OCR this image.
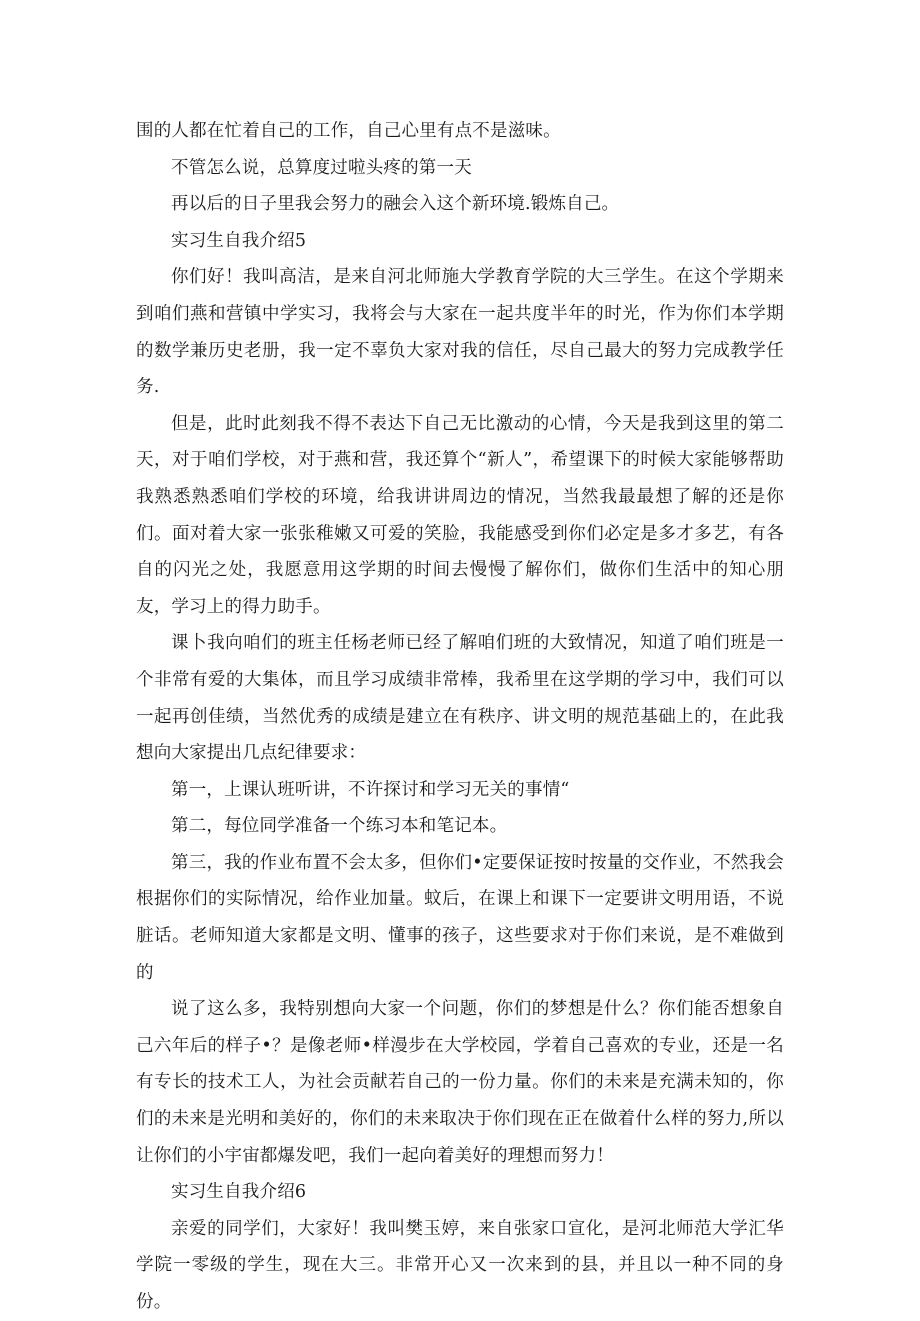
围的人都在忙着自己的工作，自己心里有点不是滋味。

不管怎么说，总算度过啦头疼的第一天

再以后的日子里我会努力的融会入这个新环境.锻炼自己。

实习生自我介绍5

你们好！我叫高洁，是来自河北师施大学教育学院的大三学生。在这个学期来到咱们燕和营镇中学实习，我将会与大家在一起共度半年的时光，作为你们本学期的数学兼历史老册，我一定不辜负大家对我的信任，尽自己最大的努力完成教学任务.

但是，此时此刻我不得不表达下自己无比激动的心情，今天是我到这里的第二天，对于咱们学校，对于燕和营，我还算个“新人”，希望课下的时候大家能够帮助我熟悉熟悉咱们学校的环境，给我讲讲周边的情况，当然我最最想了解的还是你们。面对着大家一张张稚嫩又可爱的笑脸，我能感受到你们必定是多才多艺，有各自的闪光之处，我愿意用这学期的时间去慢慢了解你们，做你们生活中的知心朋友，学习上的得力助手。

课卜我向咱们的班主任杨老师已经了解咱们班的大致情况，知道了咱们班是一个非常有爱的大集体，而且学习成绩非常棒，我希里在这学期的学习中，我们可以一起再创佳绩，当然优秀的成绩是建立在有秩序、讲文明的规范基础上的，在此我想向大家提出几点纪律要求：

第一，上课认班听讲，不许探讨和学习无关的事情“

第二，每位同学准备一个练习本和笔记本。

第三，我的作业布置不会太多，但你们•定要保证按时按量的交作业，不然我会根据你们的实际情况，给作业加量。蚊后，在课上和课下一定要讲文明用语，不说脏话。老师知道大家都是文明、懂事的孩子，这些要求对于你们来说，是不难做到的

说了这么多，我特别想向大家一个问题，你们的梦想是什么？你们能否想象自己六年后的样子•？是像老师•样漫步在大学校园，学着自己喜欢的专业，还是一名有专长的技术工人，为社会贡献若自己的一份力量。你们的未来是充满未知的，你们的未来是光明和美好的，你们的未来取决于你们现在正在做着什么样的努力,所以让你们的小宇宙都爆发吧，我们一起向着美好的理想而努力！

实习生自我介绍6

亲爱的同学们，大家好！我叫樊玉婷，来自张家口宣化，是河北师范大学汇华学院一零级的学生，现在大三。非常开心又一次来到的县，并且以一种不同的身份。
